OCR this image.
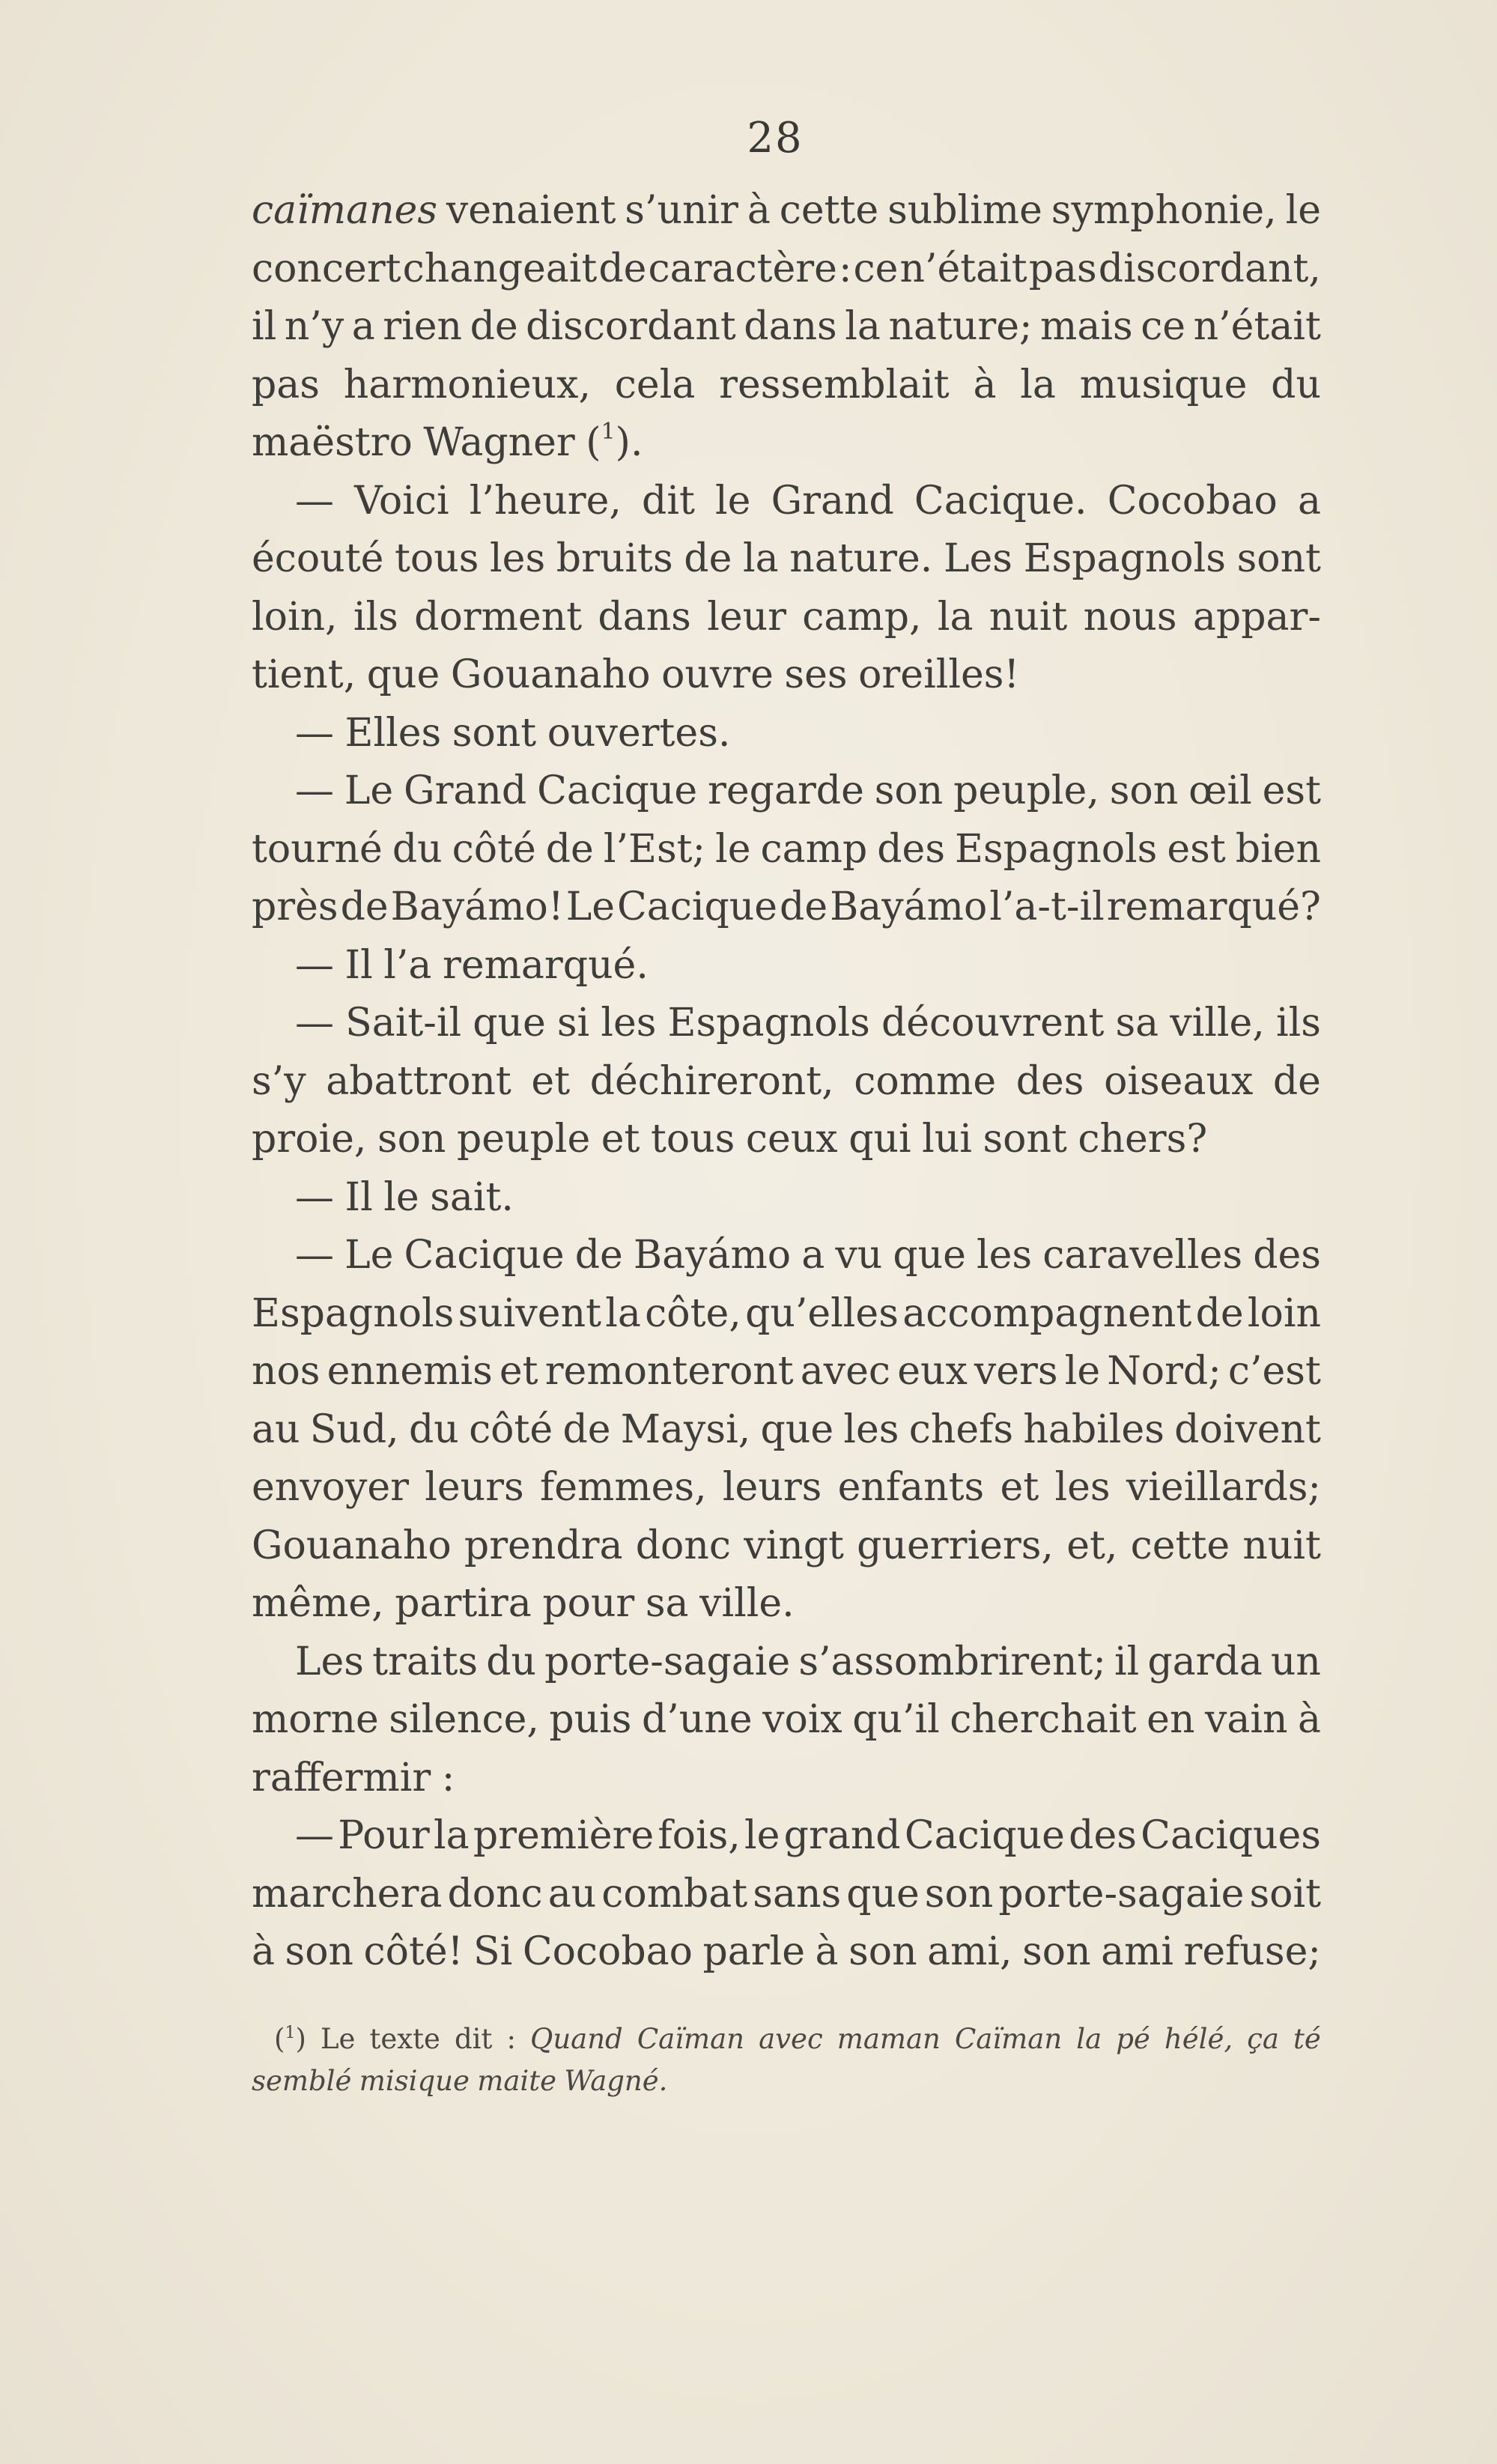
28
caïmanes venaient s’unir à cette sublime symphonie, le
concert changeait de caractère : ce n’était pas discordant,
il n’y a rien de discordant dans la nature; mais ce n’était
pas harmonieux, cela ressemblait à la musique du
maëstro Wagner ($^1$).
— Voici l’heure, dit le Grand Cacique. Cocobao a
écouté tous les bruits de la nature. Les Espagnols sont
loin, ils dorment dans leur camp, la nuit nous appar-
tient, que Gouanaho ouvre ses oreilles!
— Elles sont ouvertes.
— Le Grand Cacique regarde son peuple, son œil est
tourné du côté de l’Est; le camp des Espagnols est bien
près de Bayámo! Le Cacique de Bayámo l’a-t-il remarqué?
— Il l’a remarqué.
— Sait-il que si les Espagnols découvrent sa ville, ils
s’y abattront et déchireront, comme des oiseaux de
proie, son peuple et tous ceux qui lui sont chers?
— Il le sait.
— Le Cacique de Bayámo a vu que les caravelles des
Espagnols suivent la côte, qu’elles accompagnent de loin
nos ennemis et remonteront avec eux vers le Nord; c’est
au Sud, du côté de Maysi, que les chefs habiles doivent
envoyer leurs femmes, leurs enfants et les vieillards;
Gouanaho prendra donc vingt guerriers, et, cette nuit
même, partira pour sa ville.
Les traits du porte-sagaie s’assombrirent; il garda un
morne silence, puis d’une voix qu’il cherchait en vain à
raffermir :
— Pour la première fois, le grand Cacique des Caciques
marchera donc au combat sans que son porte-sagaie soit
à son côté! Si Cocobao parle à son ami, son ami refuse;
($^1$) Le texte dit : Quand Caïman avec maman Caïman la pé hélé, ça té
semblé misique maite Wagné.
